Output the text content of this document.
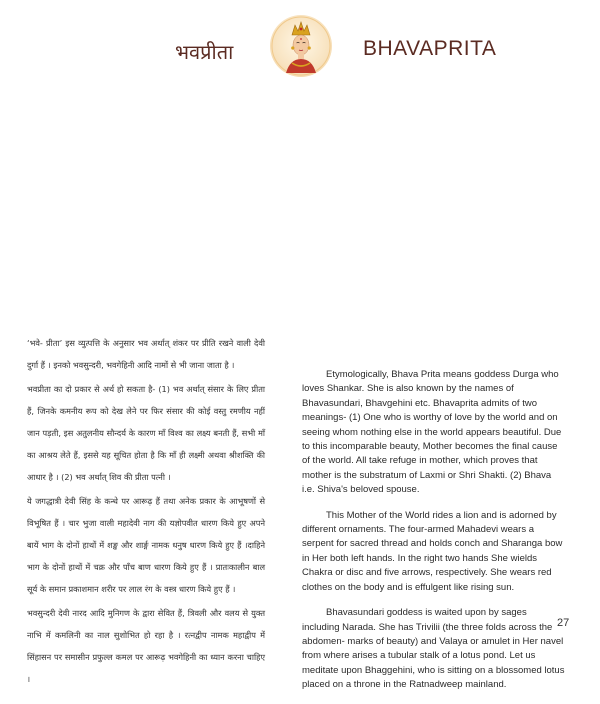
भवप्रीता	BHAVAPRITA

‘भवे- प्रीता’ इस व्युत्पत्ति के अनुसार भव अर्थात् शंकर पर प्रीति रखने वाली देवी दुर्गा हैं । इनको भवसुन्दरी, भवगेहिनी आदि नामों से भी जाना जाता है ।

भवप्रीता का दो प्रकार से अर्थ हो सकता है- (1) भव अर्थात् संसार के लिए प्रीता हैं, जिनके कमनीय रूप को देख लेने पर फिर संसार की कोई वस्तु रमणीय नहीं जान पड़ती, इस अतुलनीय सौन्दर्य के कारण माँ विश्व का लक्ष्य बनती हैं, सभी माँ का आश्रय लेते हैं, इससे यह सूचित होता है कि माँ ही लक्ष्मी अथवा श्रीशक्ति की आधार है । (2) भव अर्थात् शिव की प्रीता पत्नी ।

ये जगद्धात्री देवी सिंह के कन्धे पर आरूढ़ हैं तथा अनेक प्रकार के आभूषणों से विभूषित हैं । चार भुजा वाली महादेवी नाग की यज्ञोपवीत धारण किये हुए अपने बायें भाग के दोनों हाथों में शङ्ख और शार्ङ्ग नामक धनुष धारण किये हुए हैं ।दाहिने भाग के दोनों हाथों में चक्र और पाँच बाण धारण किये हुए हैं । प्रातःकालीन बाल सूर्य के समान प्रकाशमान शरीर पर लाल रंग के वस्त्र धारण किये हुए हैं ।

भवसुन्दरी देवी नारद आदि मुनिगण के द्वारा सेवित हैं, त्रिवली और वलय से युक्त नाभि में कमलिनी का नाल सुशोभित हो रहा है । रत्नद्वीप नामक महाद्वीप में सिंहासन पर समासीन प्रफुल्ल कमल पर आरूढ़ भवगेहिनी का ध्यान करना चाहिए ।

Etymologically, Bhava Prita means goddess Durga who loves Shankar. She is also known by the names of Bhavasundari, Bhavgehini etc. Bhavaprita admits of two meanings- (1) One who is worthy of love by the world and on seeing whom nothing else in the world appears beautiful. Due to this incomparable beauty, Mother becomes the final cause of the world. All take refuge in mother, which proves that mother is the substratum of Laxmi or Shri Shakti. (2) Bhava i.e. Shiva's beloved spouse.

This Mother of the World rides a lion and is adorned by different ornaments. The four-armed Mahadevi wears a serpent for sacred thread and holds conch and Sharanga bow in Her both left hands. In the right two hands She wields Chakra or disc and five arrows, respectively. She wears red clothes on the body and is effulgent like rising sun.

Bhavasundari goddess is waited upon by sages including Narada. She has Trivilii (the three folds across the abdomen- marks of beauty) and Valaya or amulet in Her navel from where arises a tubular stalk of a lotus pond. Let us meditate upon Bhaggehini, who is sitting on a blossomed lotus placed on a throne in the Ratnadweep mainland.

27
